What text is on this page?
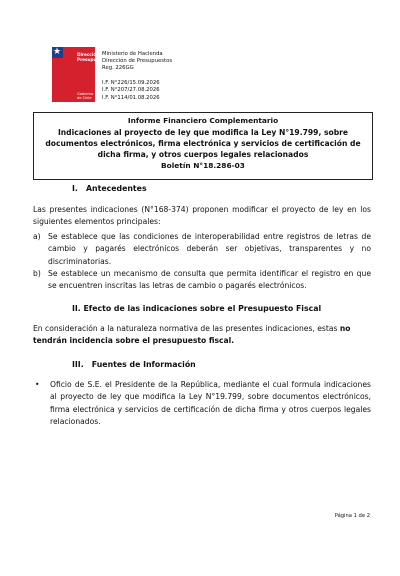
★	Dirección de
Presupuestos
Gobierno de Chile
Ministerio de Hacienda
Dirección de Presupuestos
Reg. 226GG
I.F. N°226/15.09.2026
I.F. N°207/27.08.2026
I.F. N°114/01.08.2026
Informe Financiero Complementario
Indicaciones al proyecto de ley que modifica la Ley N°19.799, sobre
documentos electrónicos, firma electrónica y servicios de certificación de
dicha firma, y otros cuerpos legales relacionados
Boletín N°18.286-03
I.   Antecedentes
Las presentes indicaciones (N°168-374) proponen modificar el proyecto de ley en los siguientes elementos principales:
a) Se establece que las condiciones de interoperabilidad entre registros de letras de cambio y pagarés electrónicos deberán ser objetivas, transparentes y no discriminatorias.
b) Se establece un mecanismo de consulta que permita identificar el registro en que se encuentren inscritas las letras de cambio o pagarés electrónicos.
II. Efecto de las indicaciones sobre el Presupuesto Fiscal
En consideración a la naturaleza normativa de las presentes indicaciones, estas no tendrán incidencia sobre el presupuesto fiscal.
III.   Fuentes de Información
• Oficio de S.E. el Presidente de la República, mediante el cual formula indicaciones al proyecto de ley que modifica la Ley N°19.799, sobre documentos electrónicos, firma electrónica y servicios de certificación de dicha firma y otros cuerpos legales relacionados.
Página 1 de 2
